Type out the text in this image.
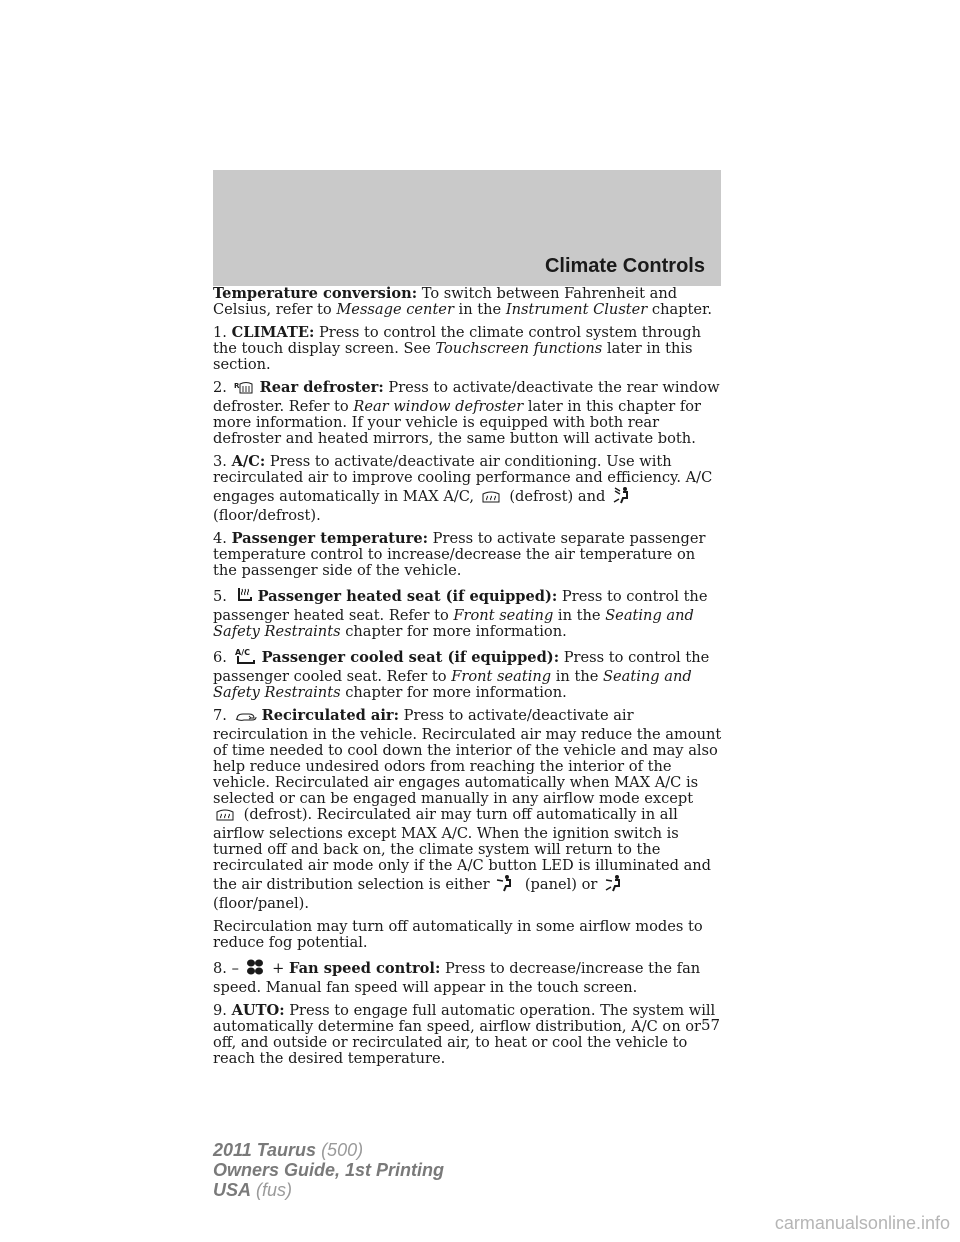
Climate Controls

Temperature conversion: To switch between Fahrenheit and Celsius, refer to Message center in the Instrument Cluster chapter.

1. CLIMATE: Press to control the climate control system through the touch display screen. See Touchscreen functions later in this section.

2. R Rear defroster: Press to activate/deactivate the rear window defroster. Refer to Rear window defroster later in this chapter for more information. If your vehicle is equipped with both rear defroster and heated mirrors, the same button will activate both.

3. A/C: Press to activate/deactivate air conditioning. Use with recirculated air to improve cooling performance and efficiency. A/C engages automatically in MAX A/C,  (defrost) and  (floor/defrost).

4. Passenger temperature: Press to activate separate passenger temperature control to increase/decrease the air temperature on the passenger side of the vehicle.

5. Passenger heated seat (if equipped): Press to control the passenger heated seat. Refer to Front seating in the Seating and Safety Restraints chapter for more information.

6. A/C Passenger cooled seat (if equipped): Press to control the passenger cooled seat. Refer to Front seating in the Seating and Safety Restraints chapter for more information.

7. Recirculated air: Press to activate/deactivate air recirculation in the vehicle. Recirculated air may reduce the amount of time needed to cool down the interior of the vehicle and may also help reduce undesired odors from reaching the interior of the vehicle. Recirculated air engages automatically when MAX A/C is selected or can be engaged manually in any airflow mode except  (defrost). Recirculated air may turn off automatically in all airflow selections except MAX A/C. When the ignition switch is turned off and back on, the climate system will return to the recirculated air mode only if the A/C button LED is illuminated and the air distribution selection is either  (panel) or  (floor/panel).

Recirculation may turn off automatically in some airflow modes to reduce fog potential.

8. –  + Fan speed control: Press to decrease/increase the fan speed. Manual fan speed will appear in the touch screen.

9. AUTO: Press to engage full automatic operation. The system will automatically determine fan speed, airflow distribution, A/C on or off, and outside or recirculated air, to heat or cool the vehicle to reach the desired temperature.

57
2011 Taurus (500)
Owners Guide, 1st Printing
USA (fus)
carmanualsonline.info
